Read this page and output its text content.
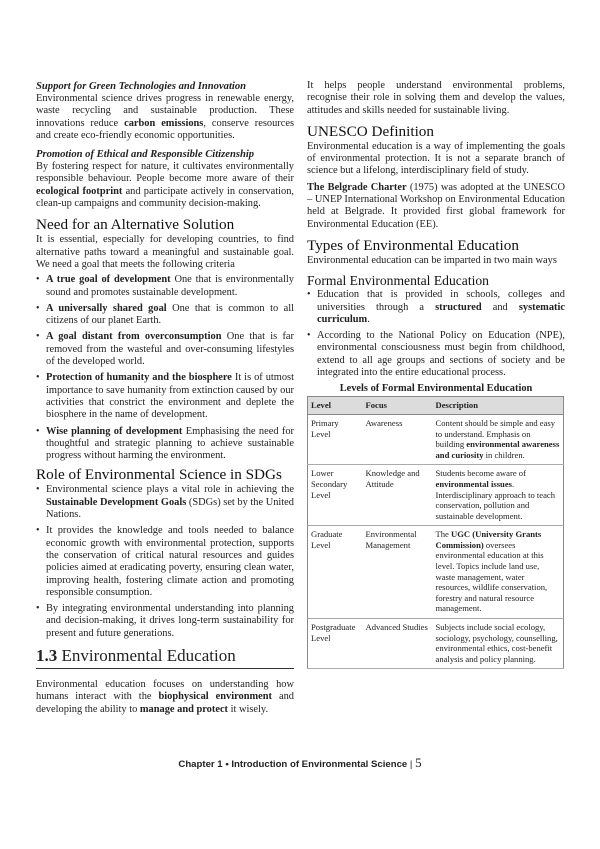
Support for Green Technologies and Innovation

Environmental science drives progress in renewable energy, waste recycling and sustainable production. These innovations reduce carbon emissions, conserve resources and create eco-friendly economic opportunities.

Promotion of Ethical and Responsible Citizenship

By fostering respect for nature, it cultivates environmentally responsible behaviour. People become more aware of their ecological footprint and participate actively in conservation, clean-up campaigns and community decision-making.

Need for an Alternative Solution

It is essential, especially for developing countries, to find alternative paths toward a meaningful and sustainable goal. We need a goal that meets the following criteria

• A true goal of development One that is environmentally sound and promotes sustainable development.
• A universally shared goal One that is common to all citizens of our planet Earth.
• A goal distant from overconsumption One that is far removed from the wasteful and over-consuming lifestyles of the developed world.
• Protection of humanity and the biosphere It is of utmost importance to save humanity from extinction caused by our activities that constrict the environment and deplete the biosphere in the name of development.
• Wise planning of development Emphasising the need for thoughtful and strategic planning to achieve sustainable progress without harming the environment.
Role of Environmental Science in SDGs
• Environmental science plays a vital role in achieving the Sustainable Development Goals (SDGs) set by the United Nations.
• It provides the knowledge and tools needed to balance economic growth with environmental protection, supports the conservation of critical natural resources and guides policies aimed at eradicating poverty, ensuring clean water, improving health, fostering climate action and promoting responsible consumption.
• By integrating environmental understanding into planning and decision-making, it drives long-term sustainability for present and future generations.
1.3 Environmental Education

Environmental education focuses on understanding how humans interact with the biophysical environment and developing the ability to manage and protect it wisely.

It helps people understand environmental problems, recognise their role in solving them and develop the values, attitudes and skills needed for sustainable living.

UNESCO Definition

Environmental education is a way of implementing the goals of environmental protection. It is not a separate branch of science but a lifelong, interdisciplinary field of study.

The Belgrade Charter (1975) was adopted at the UNESCO – UNEP International Workshop on Environmental Education held at Belgrade. It provided first global framework for Environmental Education (EE).

Types of Environmental Education

Environmental education can be imparted in two main ways

Formal Environmental Education
• Education that is provided in schools, colleges and universities through a structured and systematic curriculum.
• According to the National Policy on Education (NPE), environmental consciousness must begin from childhood, extend to all age groups and sections of society and be integrated into the entire educational process.
Levels of Formal Environmental Education
Level	Focus	Description
Primary Level	Awareness	Content should be simple and easy to understand. Emphasis on building environmental awareness and curiosity in children.
Lower Secondary Level	Knowledge and Attitude	Students become aware of environmental issues. Interdisciplinary approach to teach conservation, pollution and sustainable development.
Graduate Level	Environmental Management	The UGC (University Grants Commission) oversees environmental education at this level. Topics include land use, waste management, water resources, wildlife conservation, forestry and natural resource management.
Postgraduate Level	Advanced Studies	Subjects include social ecology, sociology, psychology, counselling, environmental ethics, cost-benefit analysis and policy planning.
Chapter 1 • Introduction of Environmental Science | 5
